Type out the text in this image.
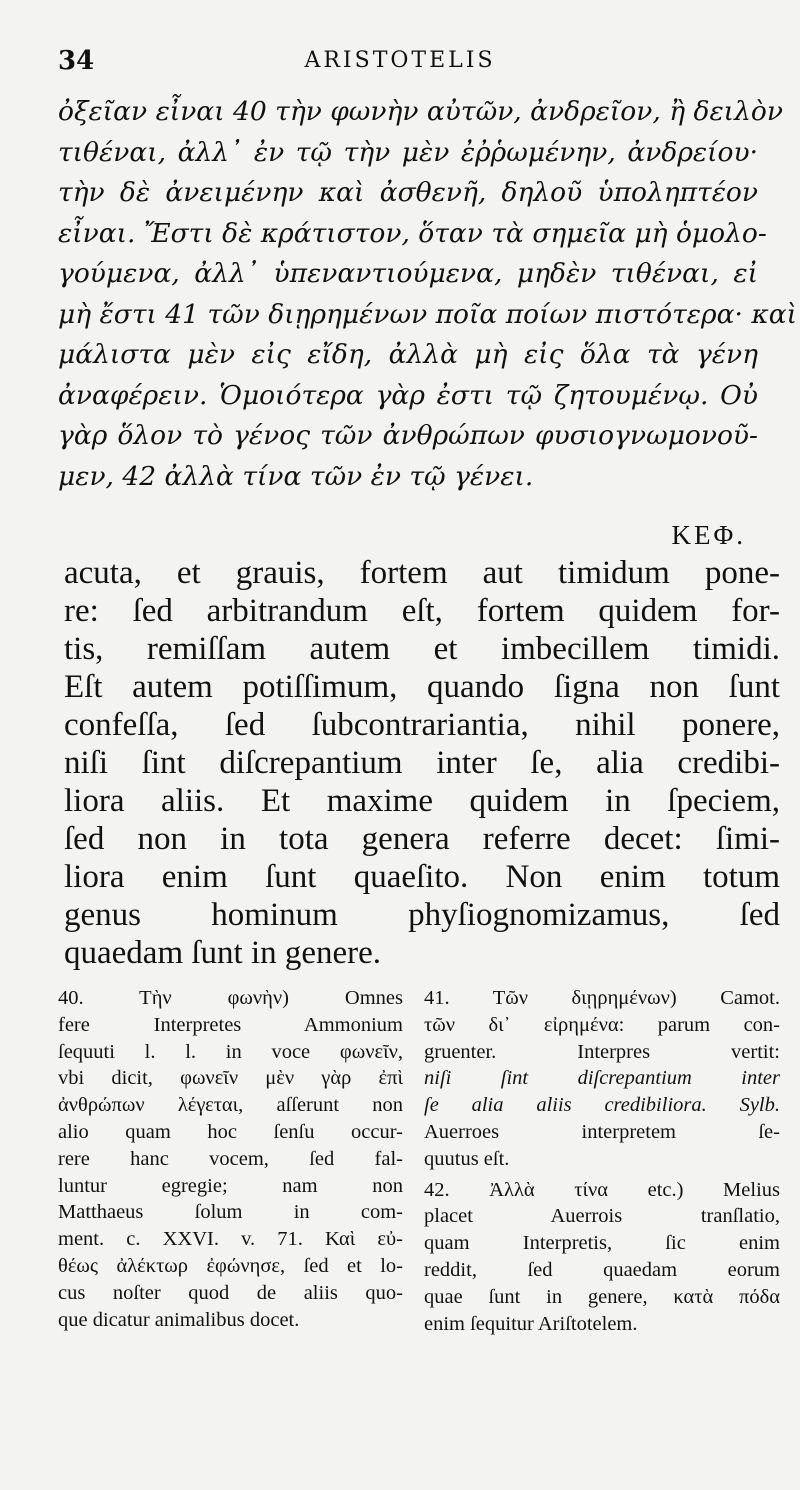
34	ARISTOTELIS
ὀξεῖαν εἶναι 40 τὴν φωνὴν αὐτῶν, ἀνδρεῖον, ἢ δειλὸν
τιθέναι, ἀλλ᾽ ἐν τῷ τὴν μὲν ἐῤῥωμένην, ἀνδρείου·
τὴν δὲ ἀνειμένην καὶ ἀσθενῆ, δηλοῦ ὑποληπτέον
εἶναι. Ἔστι δὲ κράτιστον, ὅταν τὰ σημεῖα μὴ ὁμολο-
γούμενα, ἀλλ᾽ ὑπεναντιούμενα, μηδὲν τιθέναι, εἰ
μὴ ἔστι 41 τῶν διῃρημένων ποῖα ποίων πιστότερα· καὶ
μάλιστα μὲν εἰς εἴδη, ἀλλὰ μὴ εἰς ὅλα τὰ γένη
ἀναφέρειν. Ὁμοιότερα γὰρ ἐστι τῷ ζητουμένῳ. Οὐ
γὰρ ὅλον τὸ γένος τῶν ἀνθρώπων φυσιογνωμονοῦ-
μεν, 42 ἀλλὰ τίνα τῶν ἐν τῷ γένει.
ΚΕΦ.
acuta, et grauis, fortem aut timidum pone-
re: ſed arbitrandum eſt, fortem quidem for-
tis, remiſſam autem et imbecillem timidi.
Eſt autem potiſſimum, quando ſigna non ſunt
confeſſa, ſed ſubcontrariantia, nihil ponere,
niſi ſint diſcrepantium inter ſe, alia credibi-
liora aliis. Et maxime quidem in ſpeciem,
ſed non in tota genera referre decet: ſimi-
liora enim ſunt quaeſito. Non enim totum
genus hominum phyſiognomizamus, ſed
quaedam ſunt in genere.
40. Τὴν φωνὴν) Omnes
fere Interpretes Ammonium
ſequuti l. l. in voce φωνεῖν,
vbi dicit, φωνεῖν μὲν γὰρ ἐπὶ
ἀνθρώπων λέγεται, aſſerunt non
alio quam hoc ſenſu occur-
rere hanc vocem, ſed fal-
luntur egregie; nam non
Matthaeus ſolum in com-
ment. c. XXVI. v. 71. Καὶ εὐ-
θέως ἀλέκτωρ ἐφώνησε, ſed et lo-
cus noſter quod de aliis quo-
que dicatur animalibus docet.
41. Τῶν διῃρημένων) Camot.
τῶν δι᾽ εἰρημένα: parum con-
gruenter. Interpres vertit:
niſi ſint diſcrepantium inter
ſe alia aliis credibiliora. Sylb.
Auerroes interpretem ſe-
quutus eſt.
42. Ἀλλὰ τίνα etc.) Melius
placet Auerrois tranſlatio,
quam Interpretis, ſic enim
reddit, ſed quaedam eorum
quae ſunt in genere, κατὰ πόδα
enim ſequitur Ariſtotelem.
